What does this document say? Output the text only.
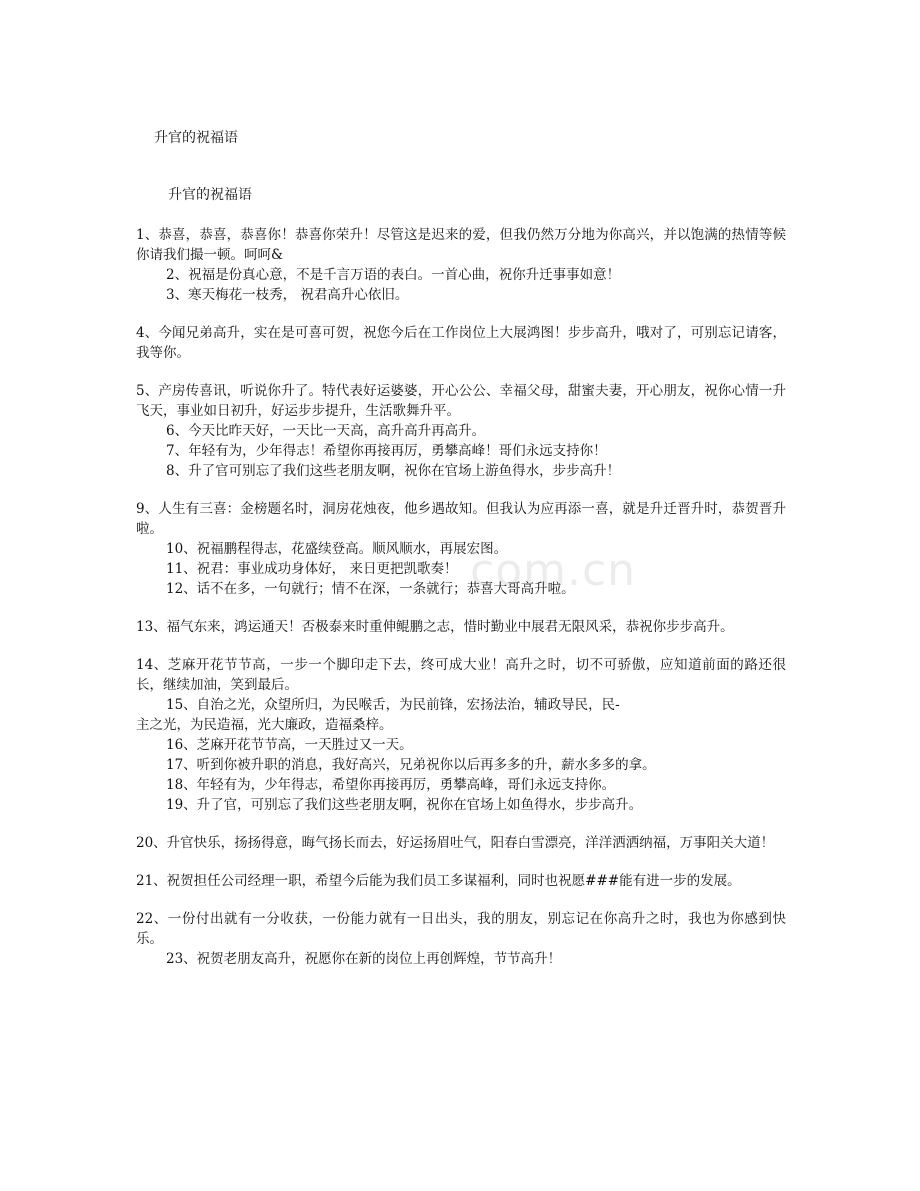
com.cn
升官的祝福语
升官的祝福语

1、恭喜，恭喜，恭喜你！恭喜你荣升！尽管这是迟来的爱，但我仍然万分地为你高兴，并以饱满的热情等候你请我们撮一顿。呵呵&

2、祝福是份真心意，不是千言万语的表白。一首心曲，祝你升迁事事如意！

3、寒天梅花一枝秀， 祝君高升心依旧。

4、今闻兄弟高升，实在是可喜可贺，祝您今后在工作岗位上大展鸿图！步步高升，哦对了，可别忘记请客，我等你。

5、产房传喜讯，听说你升了。特代表好运婆婆，开心公公、幸福父母，甜蜜夫妻，开心朋友，祝你心情一升飞天，事业如日初升，好运步步提升，生活歌舞升平。

6、今天比昨天好，一天比一天高，高升高升再高升。

7、年轻有为，少年得志！希望你再接再厉，勇攀高峰！哥们永远支持你！

8、升了官可别忘了我们这些老朋友啊，祝你在官场上游鱼得水，步步高升！

9、人生有三喜：金榜题名时，洞房花烛夜，他乡遇故知。但我认为应再添一喜，就是升迁晋升时，恭贺晋升啦。

10、祝福鹏程得志，花盛续登高。顺风顺水，再展宏图。

11、祝君：事业成功身体好， 来日更把凯歌奏！

12、话不在多，一句就行；情不在深，一条就行；恭喜大哥高升啦。

13、福气东来，鸿运通天！否极泰来时重伸鲲鹏之志，惜时勤业中展君无限风采，恭祝你步步高升。

14、芝麻开花节节高，一步一个脚印走下去，终可成大业！高升之时，切不可骄傲，应知道前面的路还很长，继续加油，笑到最后。

15、自治之光，众望所归，为民喉舌，为民前锋，宏扬法治，辅政导民，民-

主之光，为民造福，光大廉政，造福桑梓。

16、芝麻开花节节高，一天胜过又一天。

17、听到你被升职的消息，我好高兴，兄弟祝你以后再多多的升，薪水多多的拿。

18、年轻有为，少年得志，希望你再接再厉，勇攀高峰，哥们永远支持你。

19、升了官，可别忘了我们这些老朋友啊，祝你在官场上如鱼得水，步步高升。

20、升官快乐，扬扬得意，晦气扬长而去，好运扬眉吐气，阳春白雪漂亮，洋洋洒洒纳福，万事阳关大道！

21、祝贺担任公司经理一职，希望今后能为我们员工多谋福利，同时也祝愿###能有进一步的发展。

22、一份付出就有一分收获，一份能力就有一日出头，我的朋友，别忘记在你高升之时，我也为你感到快乐。

23、祝贺老朋友高升，祝愿你在新的岗位上再创辉煌，节节高升！
